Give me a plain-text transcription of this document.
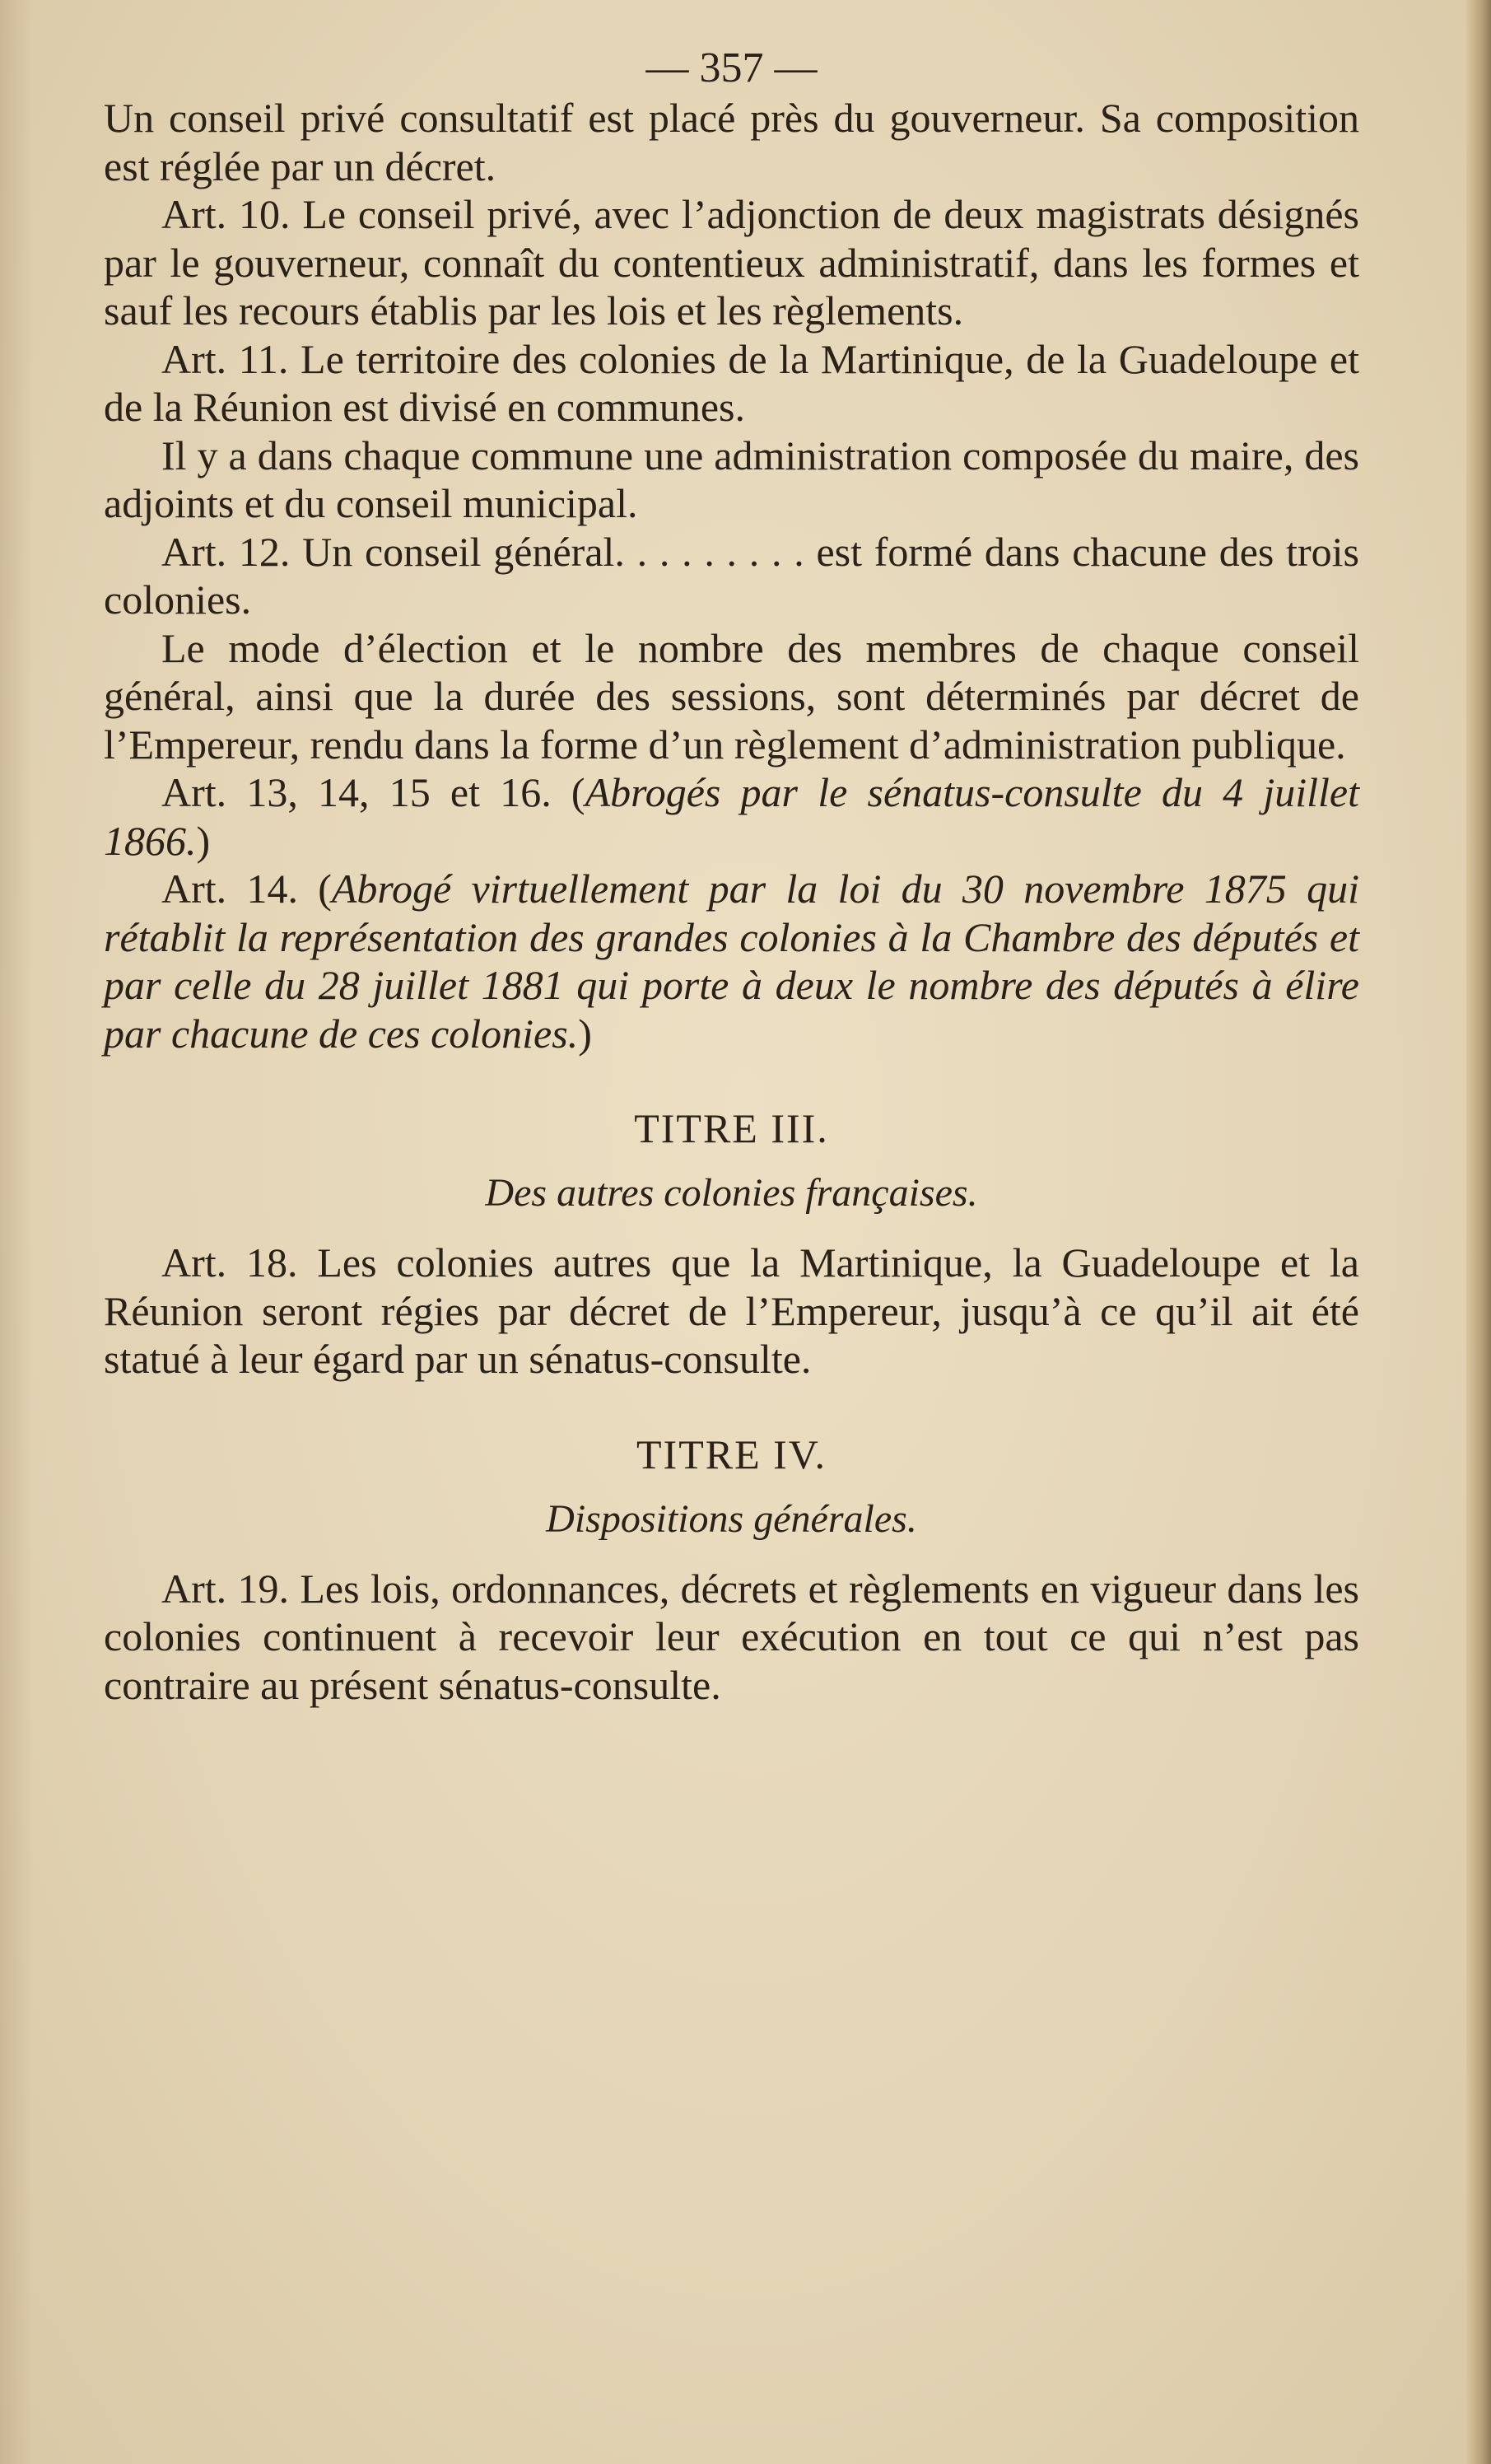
— 357 —

Un conseil privé consultatif est placé près du gouverneur. Sa composition est réglée par un décret.

Art. 10. Le conseil privé, avec l’adjonction de deux magistrats désignés par le gouverneur, connaît du contentieux administratif, dans les formes et sauf les recours établis par les lois et les règlements.

Art. 11. Le territoire des colonies de la Martinique, de la Guadeloupe et de la Réunion est divisé en communes.

Il y a dans chaque commune une administration composée du maire, des adjoints et du conseil municipal.

Art. 12. Un conseil général. . . . . . . . . est formé dans chacune des trois colonies.

Le mode d’élection et le nombre des membres de chaque conseil général, ainsi que la durée des sessions, sont déterminés par décret de l’Empereur, rendu dans la forme d’un règlement d’administration publique.

Art. 13, 14, 15 et 16. (Abrogés par le sénatus-consulte du 4 juillet 1866.)

Art. 14. (Abrogé virtuellement par la loi du 30 novembre 1875 qui rétablit la représentation des grandes colonies à la Chambre des députés et par celle du 28 juillet 1881 qui porte à deux le nombre des députés à élire par chacune de ces colonies.)

TITRE III.

Des autres colonies françaises.

Art. 18. Les colonies autres que la Martinique, la Guadeloupe et la Réunion seront régies par décret de l’Empereur, jusqu’à ce qu’il ait été statué à leur égard par un sénatus-consulte.

TITRE IV.

Dispositions générales.

Art. 19. Les lois, ordonnances, décrets et règlements en vigueur dans les colonies continuent à recevoir leur exécution en tout ce qui n’est pas contraire au présent sénatus-consulte.
